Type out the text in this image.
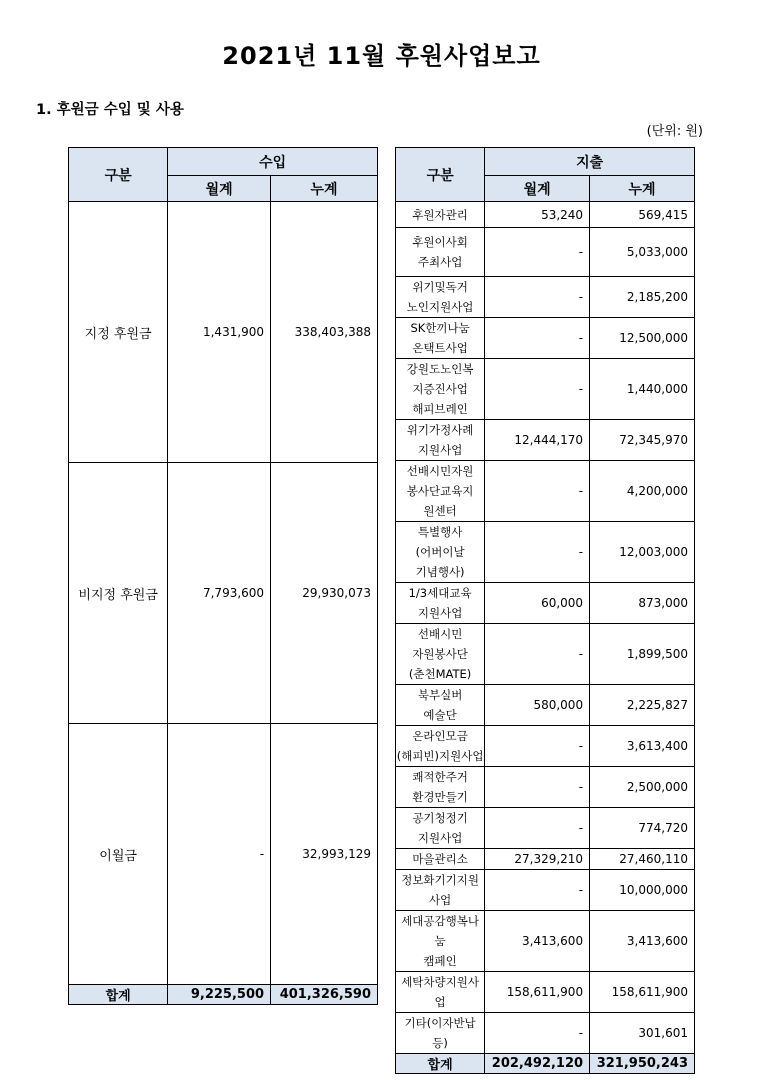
2021년 11월 후원사업보고
1. 후원금 수입 및 사용
(단위: 원)
구분	수입	
	월계	누계
지정 후원금	1,431,900	338,403,388
비지정 후원금	7,793,600	29,930,073
이월금	-	32,993,129
합계	9,225,500	401,326,590
구분	지출	
	월계	누계
후원자관리	53,240	569,415
후원이사회
주최사업	-	5,033,000
위기및독거
노인지원사업	-	2,185,200
SK한끼나눔
온택트사업	-	12,500,000
강원도노인복
지증진사업
해피브레인	-	1,440,000
위기가정사례
지원사업	12,444,170	72,345,970
선배시민자원
봉사단교육지
원센터	-	4,200,000
특별행사
(어버이날
기념행사)	-	12,003,000
1/3세대교육
지원사업	60,000	873,000
선배시민
자원봉사단
(춘천MATE)	-	1,899,500
북부실버
예술단	580,000	2,225,827
온라인모금
(해피빈)지원사업	-	3,613,400
쾌적한주거
환경만들기	-	2,500,000
공기청정기
지원사업	-	774,720
마을관리소	27,329,210	27,460,110
정보화기기지원사업	-	10,000,000
세대공감행복나눔
캠페인	3,413,600	3,413,600
세탁차량지원사업	158,611,900	158,611,900
기타(이자반납 등)	-	301,601
합계	202,492,120	321,950,243
